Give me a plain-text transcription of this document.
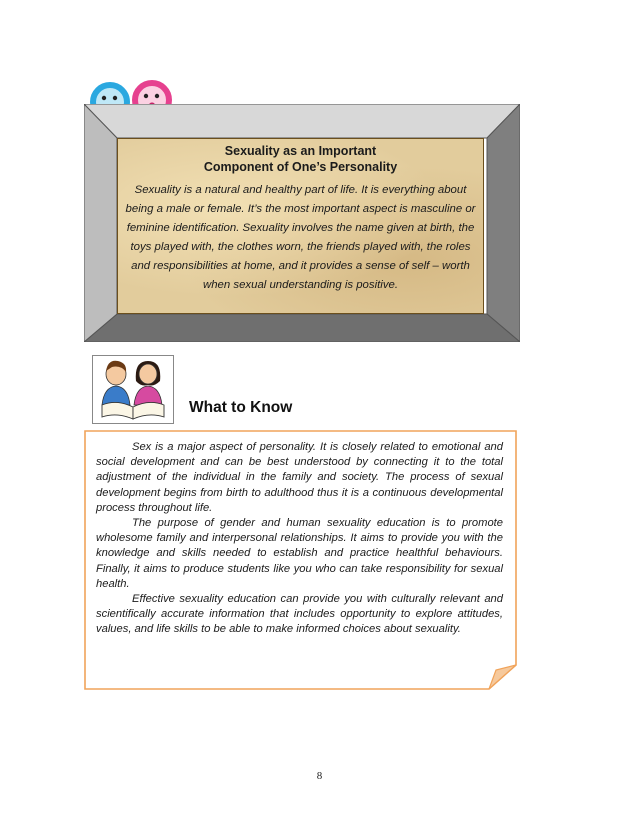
Sexuality as an Important
Component of One’s Personality
Sexuality is a natural and healthy part of life. It is everything about being a male or female. It’s the most important aspect is masculine or feminine identification. Sexuality involves the name given at birth, the toys played with, the clothes worn, the friends played with, the roles and responsibilities at home, and it provides a sense of self – worth when sexual understanding is positive.
What to Know

Sex is a major aspect of personality. It is closely related to emotional and social development and can be best understood by connecting it to the total adjustment of the individual in the family and society. The process of sexual development begins from birth to adulthood thus it is a continuous developmental process throughout life.

The purpose of gender and human sexuality education is to promote wholesome family and interpersonal relationships. It aims to provide you with the knowledge and skills needed to establish and practice healthful behaviours. Finally, it aims to produce students like you who can take responsibility for sexual health.

Effective sexuality education can provide you with culturally relevant and scientifically accurate information that includes opportunity to explore attitudes, values, and life skills to be able to make informed choices about sexuality.

8
